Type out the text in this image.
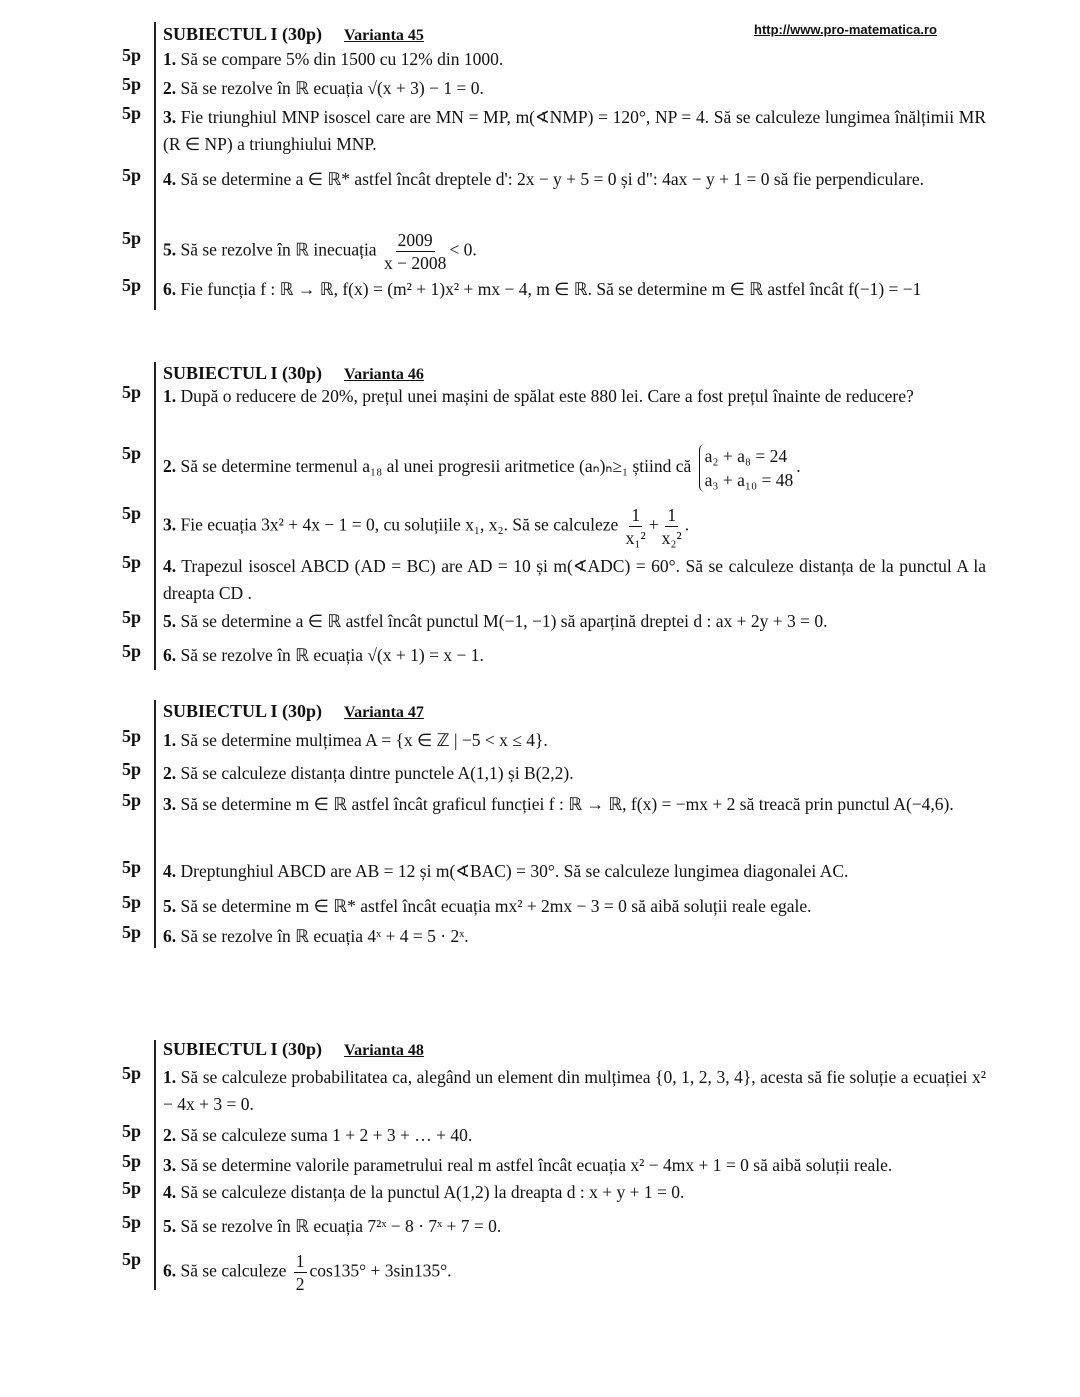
http://www.pro-matematica.ro
SUBIECTUL I (30p) Varianta 45
5p 1. Să se compare 5% din 1500 cu 12% din 1000.
5p 2. Să se rezolve în ℝ ecuația √(x + 3) − 1 = 0.
5p 3. Fie triunghiul MNP isoscel care are MN = MP, m(∢NMP) = 120°, NP = 4. Să se calculeze lungimea înălțimii MR (R ∈ NP) a triunghiului MNP.
5p 4. Să se determine a ∈ ℝ* astfel încât dreptele d': 2x − y + 5 = 0 și d": 4ax − y + 1 = 0 să fie perpendiculare.
5p
5. Să se rezolve în ℝ inecuația $\frac{2009}{x - 2008} < 0$.
5p 6. Fie funcția f : ℝ → ℝ, f(x) = (m² + 1)x² + mx − 4, m ∈ ℝ. Să se determine m ∈ ℝ astfel încât f(−1) = −1
SUBIECTUL I (30p) Varianta 46
5p 1. După o reducere de 20%, prețul unei mașini de spălat este 880 lei. Care a fost prețul înainte de reducere?
5p
2. Să se determine termenul a₁₈ al unei progresii aritmetice (aₙ)ₙ≥₁ știind că
a₂ + a₈ = 24
a₃ + a₁₀ = 48
.
5p
3. Fie ecuația 3x² + 4x − 1 = 0, cu soluțiile x₁, x₂. Să se calculeze $\frac{1}{\text{x₁²}} + \frac{1}{\text{x₂²}}$ .
5p 4. Trapezul isoscel ABCD (AD = BC) are AD = 10 și m(∢ADC) = 60°. Să se calculeze distanța de la punctul A la dreapta CD .
5p 5. Să se determine a ∈ ℝ astfel încât punctul M(−1, −1) să aparțină dreptei d : ax + 2y + 3 = 0.
5p 6. Să se rezolve în ℝ ecuația √(x + 1) = x − 1.
SUBIECTUL I (30p) Varianta 47
5p 1. Să se determine mulțimea A = {x ∈ ℤ | −5 < x ≤ 4}.
5p 2. Să se calculeze distanța dintre punctele A(1,1) și B(2,2).
5p 3. Să se determine m ∈ ℝ astfel încât graficul funcției f : ℝ → ℝ, f(x) = −mx + 2 să treacă prin punctul A(−4,6).
5p 4. Dreptunghiul ABCD are AB = 12 și m(∢BAC) = 30°. Să se calculeze lungimea diagonalei AC.
5p 5. Să se determine m ∈ ℝ* astfel încât ecuația mx² + 2mx − 3 = 0 să aibă soluții reale egale.
5p 6. Să se rezolve în ℝ ecuația 4ˣ + 4 = 5 · 2ˣ.
SUBIECTUL I (30p) Varianta 48
5p 1. Să se calculeze probabilitatea ca, alegând un element din mulțimea {0, 1, 2, 3, 4}, acesta să fie soluție a ecuației x² − 4x + 3 = 0.
5p 2. Să se calculeze suma 1 + 2 + 3 + … + 40.
5p 3. Să se determine valorile parametrului real m astfel încât ecuația x² − 4mx + 1 = 0 să aibă soluții reale.
5p 4. Să se calculeze distanța de la punctul A(1,2) la dreapta d : x + y + 1 = 0.
5p 5. Să se rezolve în ℝ ecuația 7²ˣ − 8 · 7ˣ + 7 = 0.
5p
6. Să se calculeze $\frac{1}{2} \cos 135^\circ + 3\sin 135^\circ$.
